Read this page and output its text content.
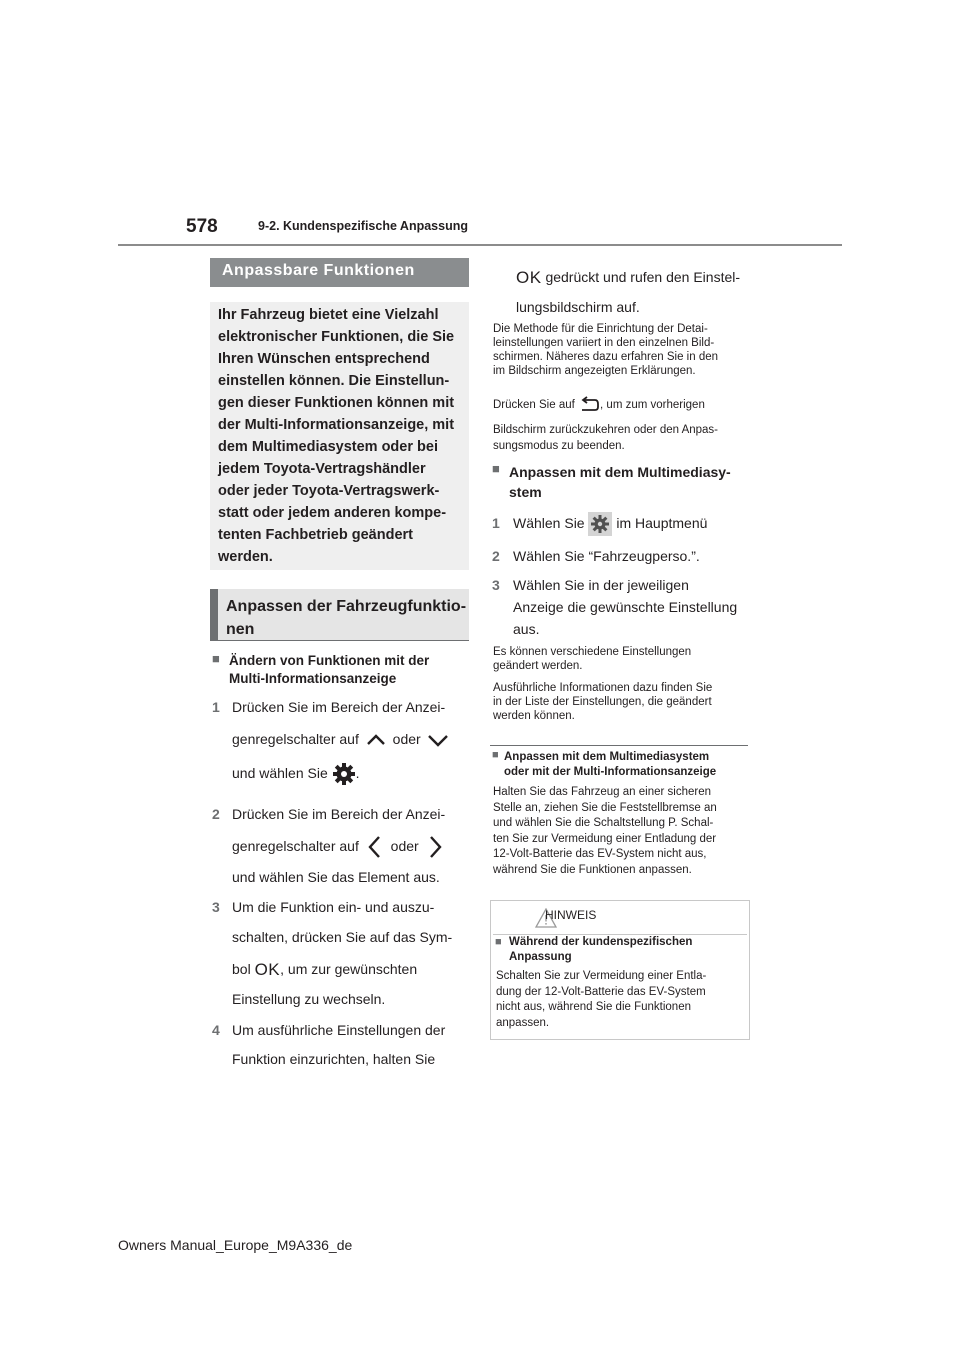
578	9-2. Kundenspezifische Anpassung
Anpassbare Funktionen
Ihr Fahrzeug bietet eine Vielzahl
elektronischer Funktionen, die Sie
Ihren Wünschen entsprechend
einstellen können. Die Einstellun-
gen dieser Funktionen können mit
der Multi-Informationsanzeige, mit
dem Multimediasystem oder bei
jedem Toyota-Vertragshändler
oder jeder Toyota-Vertragswerk-
statt oder jedem anderen kompe-
tenten Fachbetrieb geändert
werden.
Anpassen der Fahrzeugfunktio-
nen
■ Ändern von Funktionen mit der
Multi-Informationsanzeige
1 Drücken Sie im Bereich der Anzei-
genregelschalter auf oder
und wählen Sie .
2 Drücken Sie im Bereich der Anzei-
genregelschalter auf oder
und wählen Sie das Element aus.
3 Um die Funktion ein- und auszu-
schalten, drücken Sie auf das Sym-
bol OK, um zur gewünschten
Einstellung zu wechseln.
4 Um ausführliche Einstellungen der
Funktion einzurichten, halten Sie
OK gedrückt und rufen den Einstel-
lungsbildschirm auf.
Die Methode für die Einrichtung der Detai-
leinstellungen variiert in den einzelnen Bild-
schirmen. Näheres dazu erfahren Sie in den
im Bildschirm angezeigten Erklärungen.
Drücken Sie auf , um zum vorherigen
Bildschirm zurückzukehren oder den Anpas-
sungsmodus zu beenden.
■ Anpassen mit dem Multimediasy-
stem
1 Wählen Sie im Hauptmenü
2 Wählen Sie “Fahrzeugperso.”.
3 Wählen Sie in der jeweiligen
Anzeige die gewünschte Einstellung
aus.
Es können verschiedene Einstellungen
geändert werden.
Ausführliche Informationen dazu finden Sie
in der Liste der Einstellungen, die geändert
werden können.
■ Anpassen mit dem Multimediasystem
oder mit der Multi-Informationsanzeige
Halten Sie das Fahrzeug an einer sicheren
Stelle an, ziehen Sie die Feststellbremse an
und wählen Sie die Schaltstellung P. Schal-
ten Sie zur Vermeidung einer Entladung der
12-Volt-Batterie das EV-System nicht aus,
während Sie die Funktionen anpassen.
HINWEIS
■ Während der kundenspezifischen
Anpassung
Schalten Sie zur Vermeidung einer Entla-
dung der 12-Volt-Batterie das EV-System
nicht aus, während Sie die Funktionen
anpassen.
Owners Manual_Europe_M9A336_de
